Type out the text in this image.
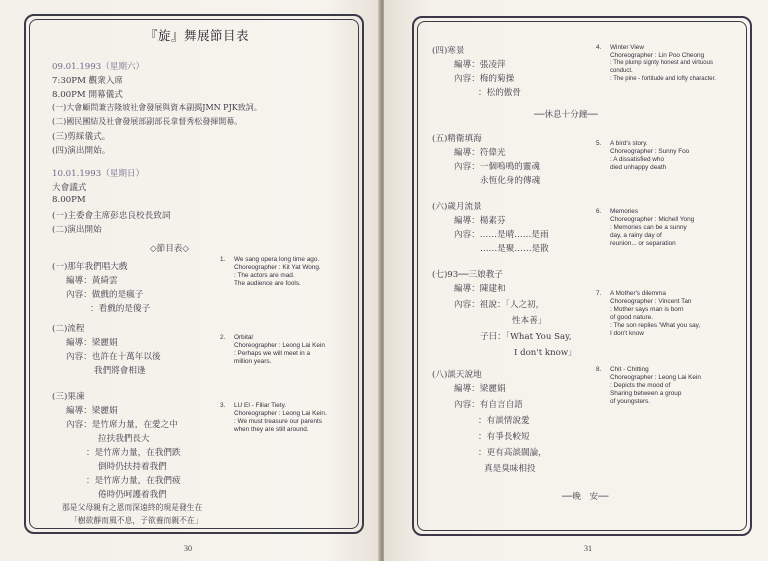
『旋』舞展節目表
09.01.1993（星期六）
7:30PM 觀衆入席
8.00PM 開幕儀式
(一)大會顧問兼吉隆坡社會發展與資本副揭JMN PJK致詞。
(二)國民團結及社會發展部副部長拿督秀松發揮開幕。
(三)剪綵儀式。
(四)演出開始。
10.01.1993（星期日）
大會議式
8.00PM
(一)主委會主席彭忠良校長致詞
(二)演出開始
◇節目表◇
(一)那年我們唱大戲
編導：黃綺雲
內容：做戲的是瘋子
：看戲的是傻子
1. We sang opera long time ago.
Choreographer : Kit Yat Wong.
: The actors are mad.
The audience are fools.
(二)流程
編導：梁麗娟
內容：也許在十萬年以後
我們將會相逢
2. Orbital
Choreographer : Leong Lai Kein
: Perhaps we will meet in a
million years.
(三)果凍
編導：梁麗娟
內容：是竹席力量，在愛之中
拉扶我們長大
：是竹席力量，在我們跌
倒時仍扶持着我們
：是竹席力量，在我們疲
倦時仍呵護着我們
那是父母親有之恩而深遠終的現是發生在
「樹欲靜而風不息，子欲養而親不在」
3. LU EI - Filiar Tiety.
Choreographer : Leong Lai Kein.
: We must treasure our parents
when they are still around.
30
(四)寒景
編導：張凌萍
內容：梅的菊操
：松的傲骨
4. Winter View
Choreographer : Lin Poo Cheong
: The plump signty honest and virtuous
conduct.
: The pine - fortitude and lofty character.
──休息十分鐘──
(五)精衛填海
編導：符偉光
內容：一個嗚鳴的靈魂
永恆化身的傳魂
5. A bird's story.
Choreographer : Sunny Foo
: A dissatisfied who
died unhappy death
(六)歲月流景
編導：楊素芬
內容：……是晴……是雨
……是聚……是散
6. Memories
Choreographer : Michell Yong
: Memories can be a sunny
day, a rainy day of
reunion... or separation
(七)93──三娘教子
編導：陳建和
內容：祖說：「人之初，
性本善」
子曰：「What You Say,
I don't know」
7. A Mother's dilemma
Choreographer : Vincent Tan
: Mother says man is born
of good nature.
: The son replies 'What you say,
I don't know
(八)談天說地
編導：梁麗娟
內容：有自言自語
：有談情說愛
：有爭長較短
：更有高談闊論，
真是臭味相投
8. Chit - Chitting
Choreographer : Leong Lai Kein
: Depicts the mood of
Sharing between a group
of youngsters.
──晚　安──
31
